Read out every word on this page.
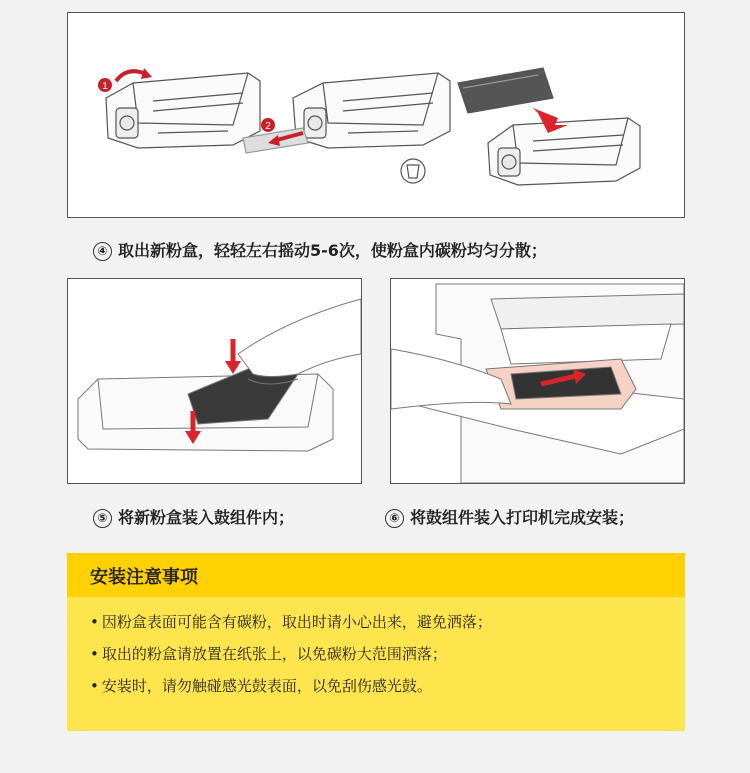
1
2
④ 取出新粉盒，轻轻左右摇动5-6次，使粉盒内碳粉均匀分散；
⑤ 将新粉盒装入鼓组件内；	⑥ 将鼓组件装入打印机完成安装；
安装注意事项
• 因粉盒表面可能含有碳粉，取出时请小心出来，避免洒落；
• 取出的粉盒请放置在纸张上，以免碳粉大范围洒落；
• 安装时，请勿触碰感光鼓表面，以免刮伤感光鼓。
